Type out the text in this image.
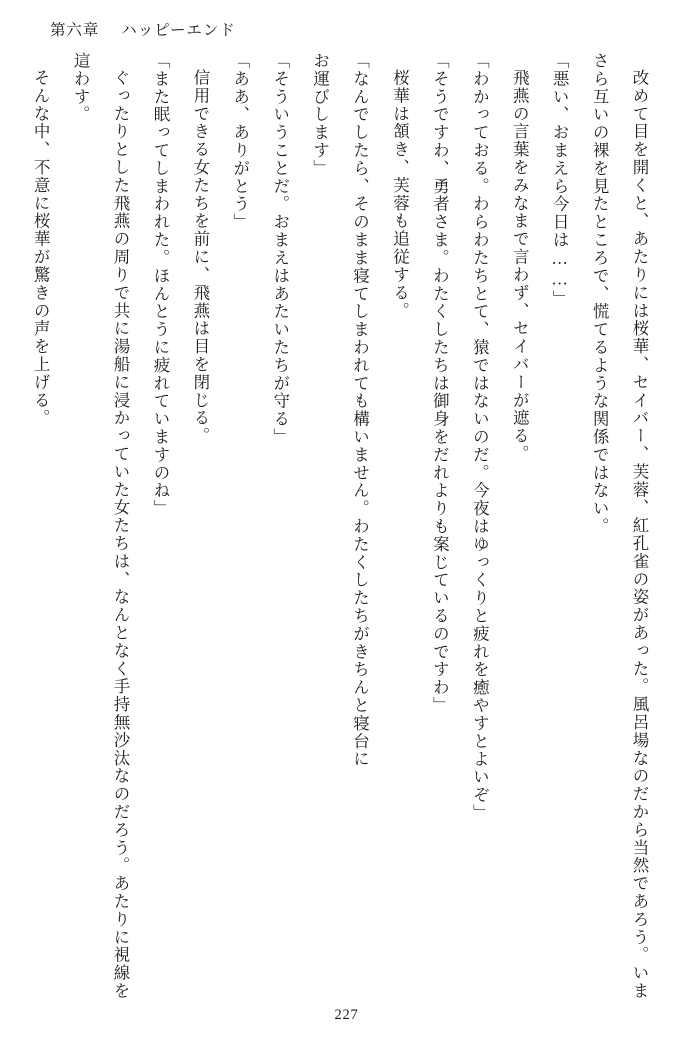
第六章 ハッピーエンド

改めて目を開くと、あたりには桜華、セイバー、芙蓉、紅孔雀の姿があった。風呂場なのだから当然であろう。いまさら互いの裸を見たところで、慌てるような関係ではない。

「悪い、おまえら今日は……」

飛燕の言葉をみなまで言わず、セイバーが遮る。

「わかっておる。わらわたちとて、猿ではないのだ。今夜はゆっくりと疲れを癒やすとよいぞ」

「そうですわ、勇者さま。わたくしたちは御身をだれよりも案じているのですわ」

桜華は頷き、芙蓉も追従する。

「なんでしたら、そのまま寝てしまわれても構いません。わたくしたちがきちんと寝台に

お運びします」

「そういうことだ。おまえはあたいたちが守る」

「ああ、ありがとう」

信用できる女たちを前に、飛燕は目を閉じる。

「また眠ってしまわれた。ほんとうに疲れていますのね」

ぐったりとした飛燕の周りで共に湯船に浸かっていた女たちは、なんとなく手持無沙汰なのだろう。あたりに視線を這わす。

そんな中、不意に桜華が驚きの声を上げる。

227
